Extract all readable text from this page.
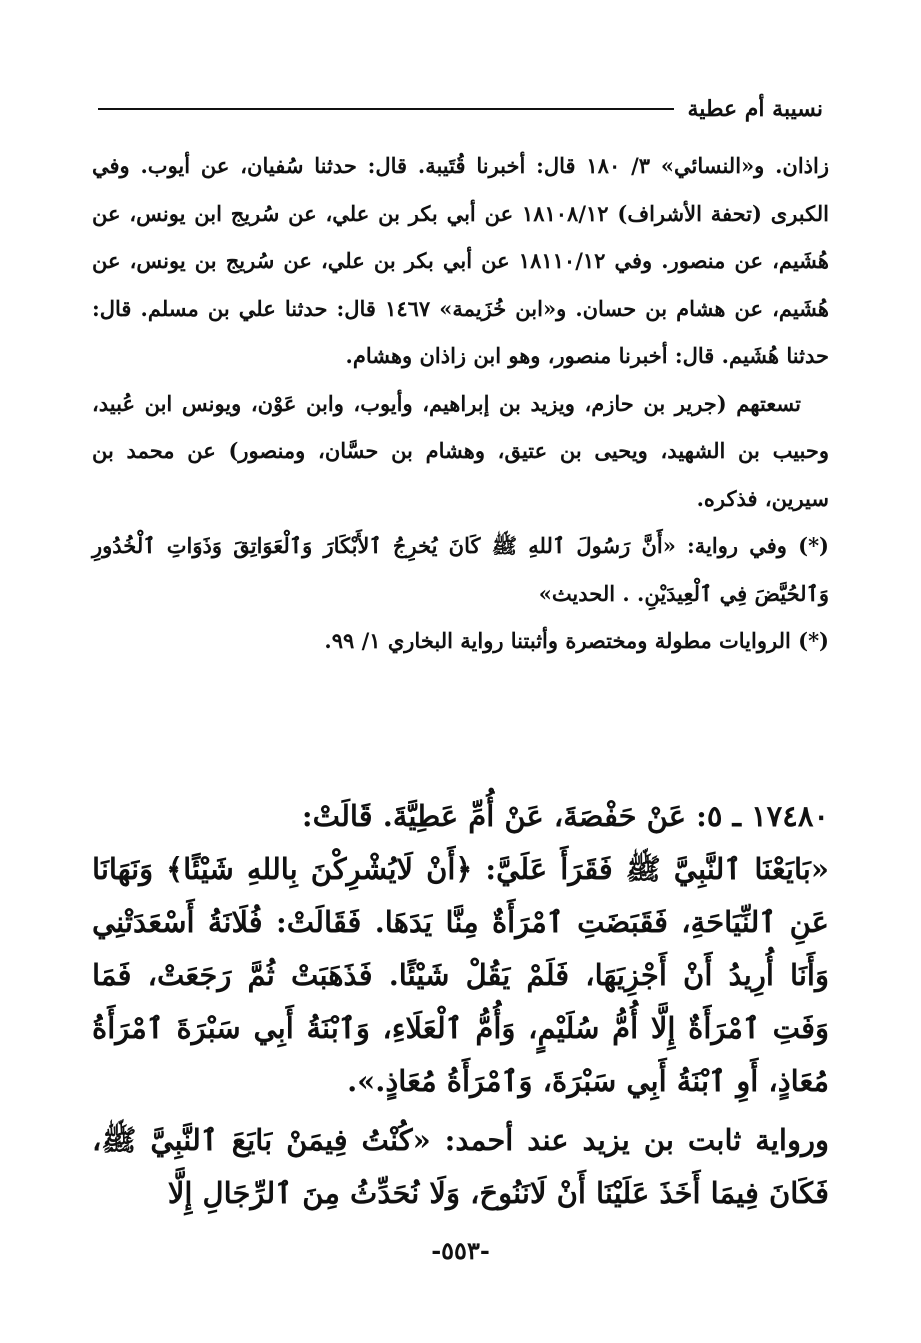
نسيبة أم عطية

زاذان. و«النسائي» ٣/ ١٨٠ قال: أخبرنا قُتَيبة. قال: حدثنا سُفيان، عن أيوب. وفي الكبرى (تحفة الأشراف) ١٨١٠٨/١٢ عن أبي بكر بن علي، عن سُريج ابن يونس، عن هُشَيم، عن منصور. وفي ١٨١١٠/١٢ عن أبي بكر بن علي، عن سُريج بن يونس، عن هُشَيم، عن هشام بن حسان. و«ابن خُزَيمة» ١٤٦٧ قال: حدثنا علي بن مسلم. قال: حدثنا هُشَيم. قال: أخبرنا منصور، وهو ابن زاذان وهشام.

تسعتهم (جرير بن حازم، ويزيد بن إبراهيم، وأيوب، وابن عَوْن، ويونس ابن عُبيد، وحبيب بن الشهيد، ويحيى بن عتيق، وهشام بن حسَّان، ومنصور) عن محمد بن سيرين، فذكره.

(*) وفي رواية: «أَنَّ رَسُولَ ٱللهِ ﷺ كَانَ يُخرِجُ ٱلأَبْكَارَ وَٱلْعَوَاتِقَ وَذَوَاتِ ٱلْخُدُورِ وَٱلحُيَّضَ فِي ٱلْعِيدَيْنِ. . الحديث»

(*) الروايات مطولة ومختصرة وأثبتنا رواية البخاري ١/ ٩٩.

١٧٤٨٠ ـ ٥: عَنْ حَفْصَةَ، عَنْ أُمِّ عَطِيَّةَ. قَالَتْ:

«بَايَعْنَا ٱلنَّبِيَّ ﷺ فَقَرَأَ عَلَيَّ: ﴿أَنْ لَايُشْرِكْنَ بِاللهِ شَيْئًا﴾ وَنَهَانَا عَنِ ٱلنِّيَاحَةِ، فَقَبَضَتِ ٱمْرَأَةٌ مِنَّا يَدَهَا. فَقَالَتْ: فُلَانَةُ أَسْعَدَتْنِي وَأَنَا أُرِيدُ أَنْ أَجْزِيَهَا، فَلَمْ يَقُلْ شَيْئًا. فَذَهَبَتْ ثُمَّ رَجَعَتْ، فَمَا وَفَتِ ٱمْرَأَةٌ إِلَّا أُمُّ سُلَيْمٍ، وَأُمُّ ٱلْعَلَاءِ، وَٱبْنَةُ أَبِي سَبْرَةَ ٱمْرَأَةُ مُعَاذٍ، أَوِ ٱبْنَةُ أَبِي سَبْرَةَ، وَٱمْرَأَةُ مُعَاذٍ.».

ورواية ثابت بن يزيد عند أحمد: «كُنْتُ فِيمَنْ بَايَعَ ٱلنَّبِيَّ ﷺ، فَكَانَ فِيمَا أَخَذَ عَلَيْنَا أَنْ لَانَنُوحَ، وَلَا نُحَدِّثُ مِنَ ٱلرِّجَالِ إِلَّا

-٥٥٣-
